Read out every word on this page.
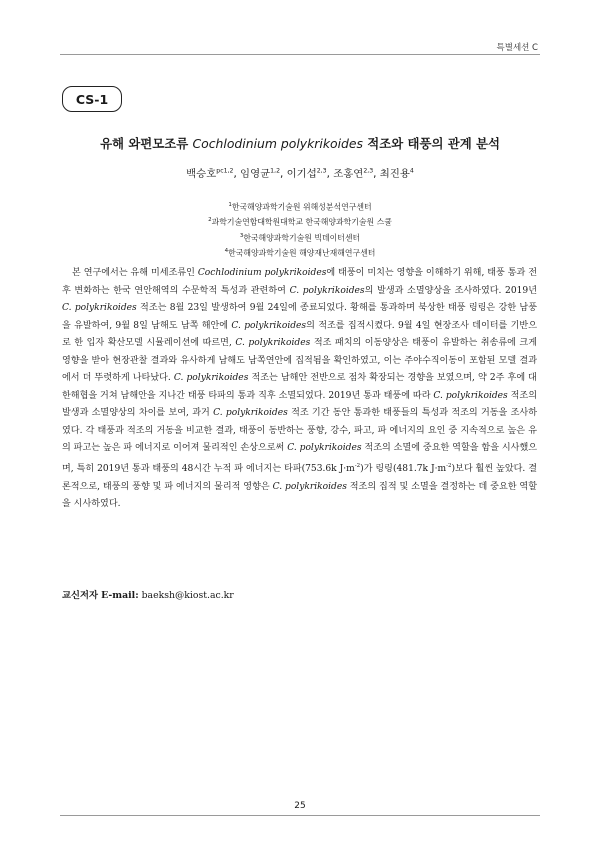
특별세션 C
CS-1
유해 와편모조류 Cochlodinium polykrikoides 적조와 태풍의 관계 분석
백승호$^{pc1,2}$, 임영균$^{1,2}$, 이기섭$^{2,3}$, 조홍연$^{2,3}$, 최진용$^4$
$^1$한국해양과학기술원 위해성분석연구센터
$^2$과학기술연합대학원대학교 한국해양과학기술원 스쿨
$^3$한국해양과학기술원 빅데이터센터
$^4$한국해양과학기술원 해양재난재해연구센터

본 연구에서는 유해 미세조류인 Cochlodinium polykrikoides에 태풍이 미치는 영향을 이해하기 위해, 태풍 통과 전후 변화하는 한국 연안해역의 수문학적 특성과 관련하여 C. polykrikoides의 발생과 소멸양상을 조사하였다. 2019년 C. polykrikoides 적조는 8월 23일 발생하여 9월 24일에 종료되었다. 황해를 통과하며 북상한 태풍 링링은 강한 남풍을 유발하여, 9월 8일 남해도 남쪽 해안에 C. polykrikoides의 적조를 집적시켰다. 9월 4일 현장조사 데이터를 기반으로 한 입자 확산모델 시뮬레이션에 따르면, C. polykrikoides 적조 패치의 이동양상은 태풍이 유발하는 취송류에 크게 영향을 받아 현장관찰 결과와 유사하게 남해도 남쪽연안에 집적됨을 확인하였고, 이는 주야수직이동이 포함된 모델 결과에서 더 뚜렷하게 나타났다. C. polykrikoides 적조는 남해안 전반으로 점차 확장되는 경향을 보였으며, 약 2주 후에 대한해협을 거쳐 남해안을 지나간 태풍 타파의 통과 직후 소멸되었다. 2019년 통과 태풍에 따라 C. polykrikoides 적조의 발생과 소멸양상의 차이를 보여, 과거 C. polykrikoides 적조 기간 동안 통과한 태풍들의 특성과 적조의 거동을 조사하였다. 각 태풍과 적조의 거동을 비교한 결과, 태풍이 동반하는 풍향, 강수, 파고, 파 에너지의 요인 중 지속적으로 높은 유의 파고는 높은 파 에너지로 이어져 물리적인 손상으로써 C. polykrikoides 적조의 소멸에 중요한 역할을 함을 시사했으며, 특히 2019년 통과 태풍의 48시간 누적 파 에너지는 타파(753.6k $J\cdot m^{-2}$)가 링링(481.7k $J\cdot m^{-2}$)보다 훨씬 높았다. 결론적으로, 태풍의 풍향 및 파 에너지의 물리적 영향은 C. polykrikoides 적조의 집적 및 소멸을 결정하는 데 중요한 역할을 시사하였다.

교신저자 E-mail: baeksh@kiost.ac.kr
25
